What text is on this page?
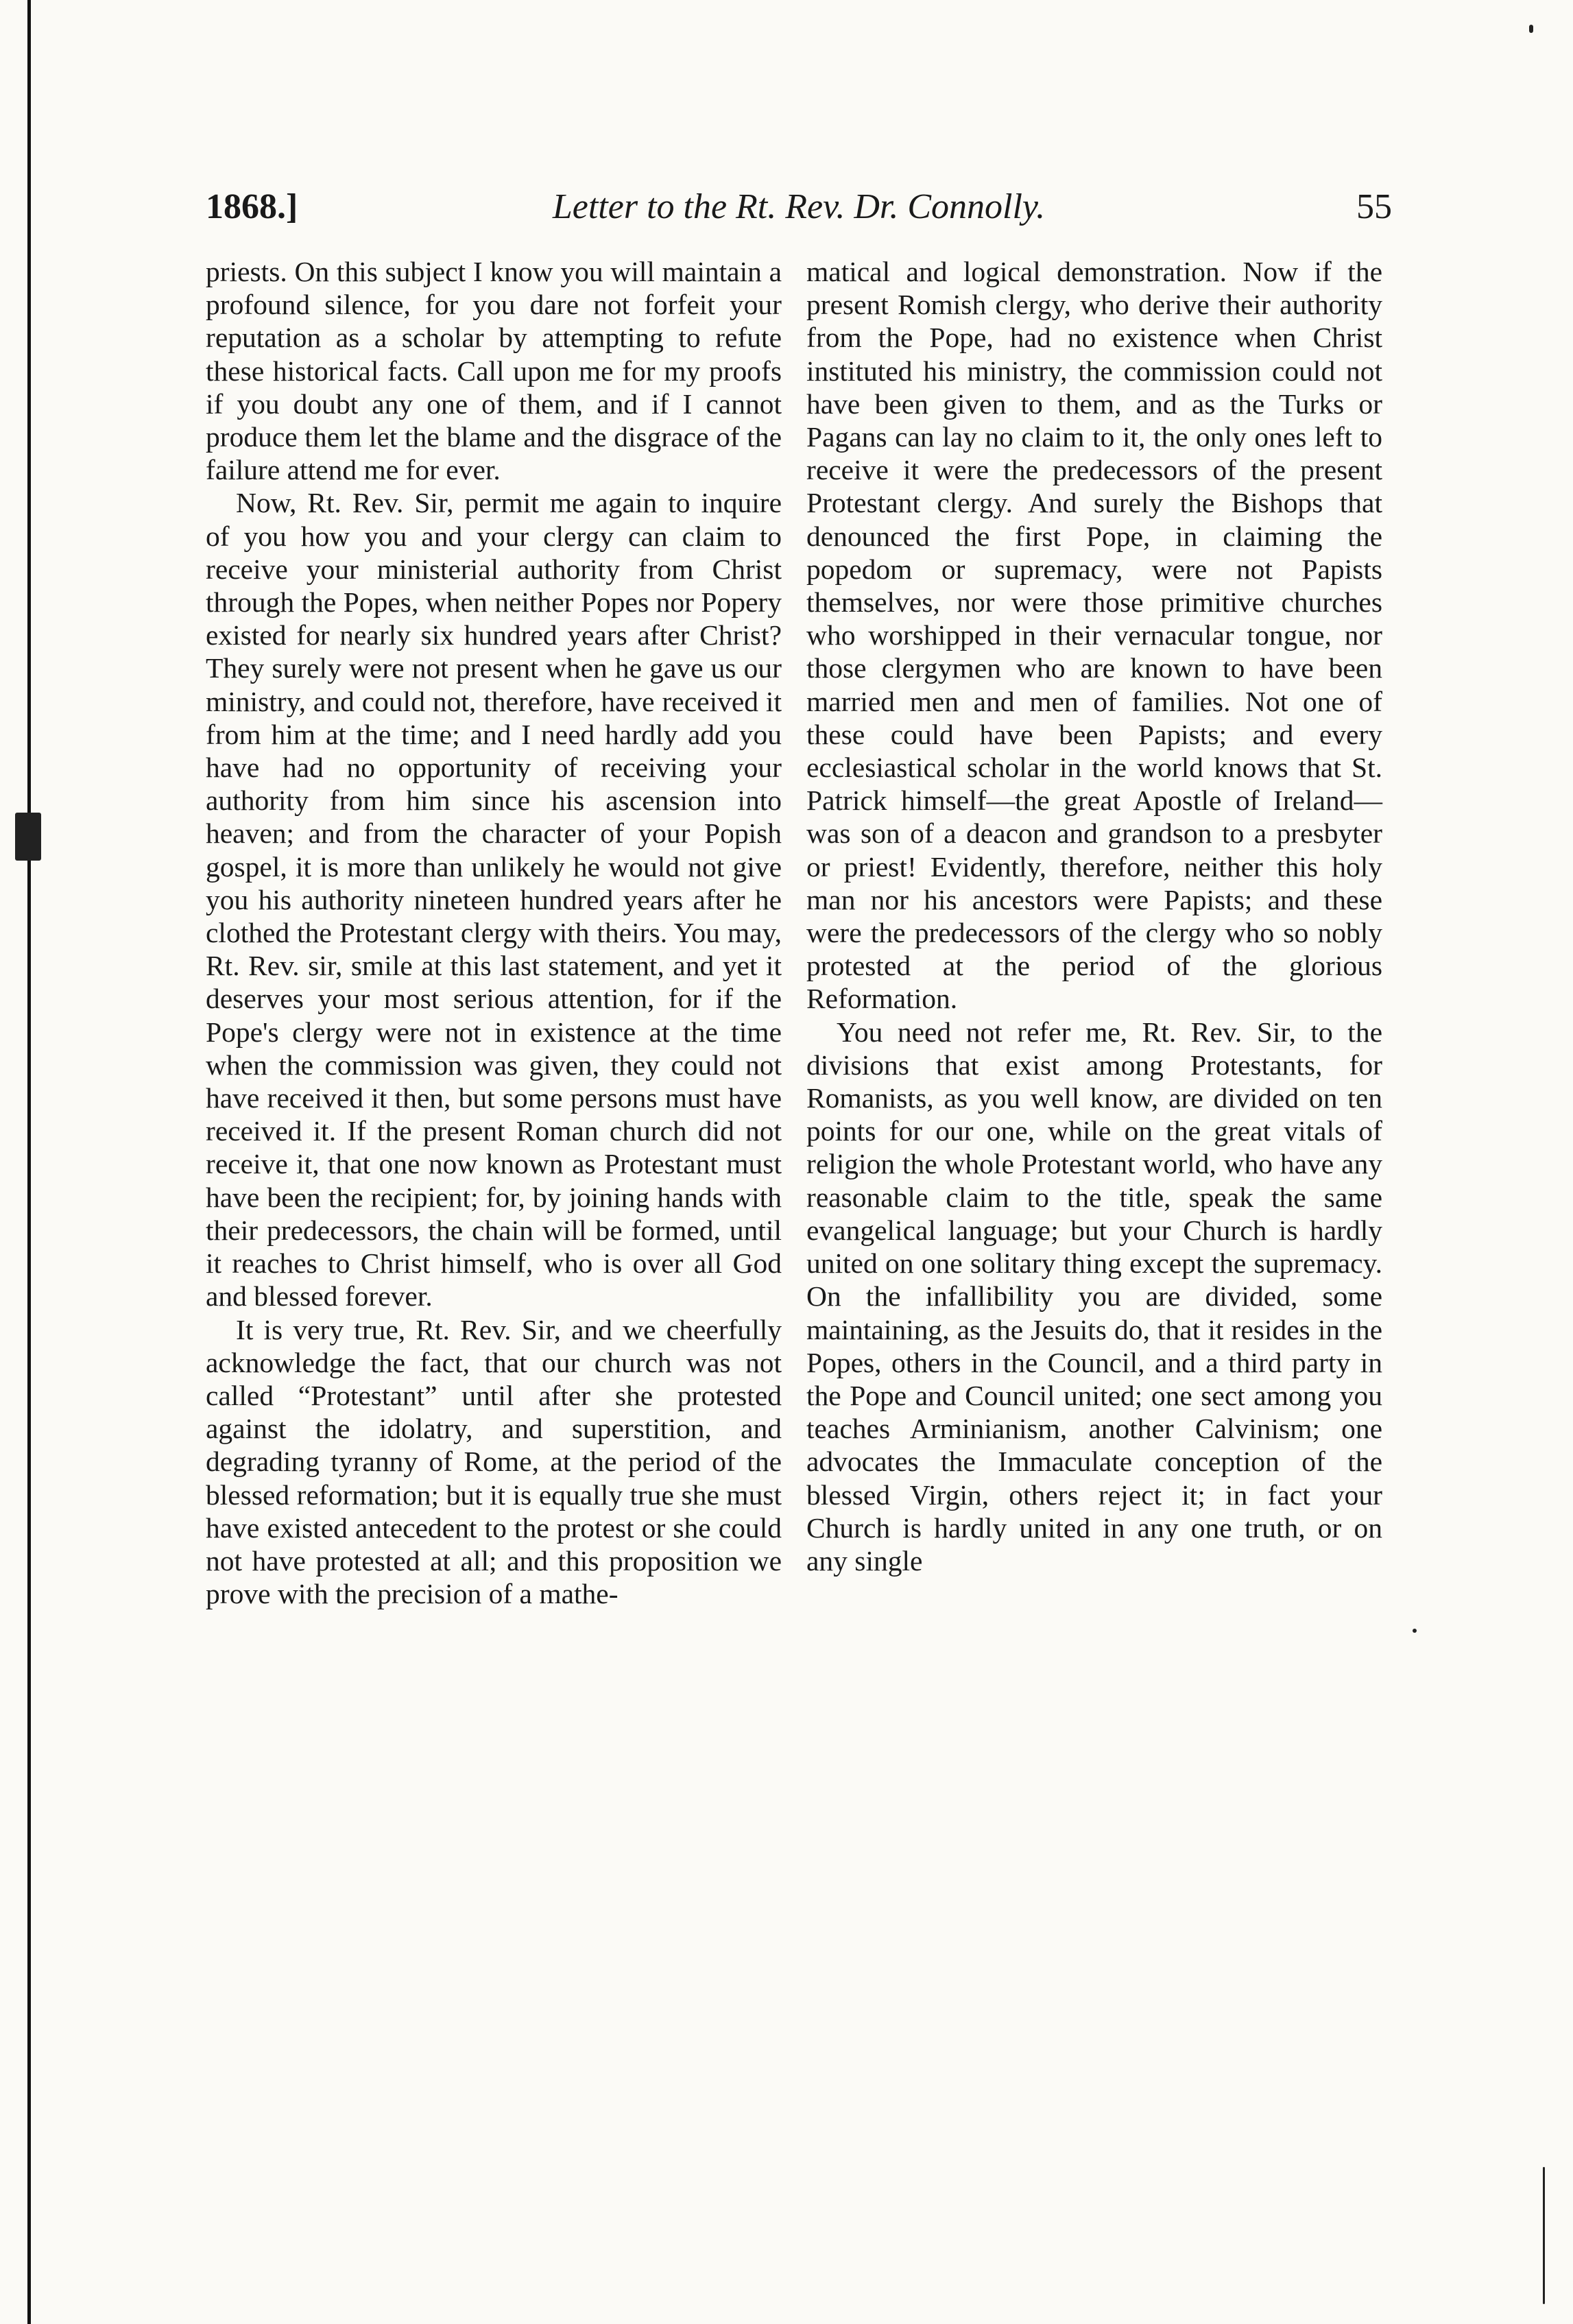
1868.]	Letter to the Rt. Rev. Dr. Connolly.	55

priests. On this subject I know you will maintain a profound silence, for you dare not forfeit your reputation as a scholar by attempting to refute these historical facts. Call upon me for my proofs if you doubt any one of them, and if I cannot produce them let the blame and the disgrace of the failure attend me for ever.

Now, Rt. Rev. Sir, permit me again to inquire of you how you and your clergy can claim to receive your ministerial authority from Christ through the Popes, when neither Popes nor Popery existed for nearly six hundred years after Christ? They surely were not present when he gave us our ministry, and could not, therefore, have received it from him at the time; and I need hardly add you have had no opportunity of receiving your authority from him since his ascension into heaven; and from the character of your Popish gospel, it is more than unlikely he would not give you his authority nineteen hundred years after he clothed the Protestant clergy with theirs. You may, Rt. Rev. sir, smile at this last statement, and yet it deserves your most serious attention, for if the Pope's clergy were not in existence at the time when the commission was given, they could not have received it then, but some persons must have received it. If the present Roman church did not receive it, that one now known as Protestant must have been the recipient; for, by joining hands with their predecessors, the chain will be formed, until it reaches to Christ himself, who is over all God and blessed forever.

It is very true, Rt. Rev. Sir, and we cheerfully acknowledge the fact, that our church was not called “Protestant” until after she protested against the idolatry, and superstition, and degrading tyranny of Rome, at the period of the blessed reformation; but it is equally true she must have existed antecedent to the protest or she could not have protested at all; and this proposition we prove with the precision of a mathe-

matical and logical demonstration. Now if the present Romish clergy, who derive their authority from the Pope, had no existence when Christ instituted his ministry, the commission could not have been given to them, and as the Turks or Pagans can lay no claim to it, the only ones left to receive it were the predecessors of the present Protestant clergy. And surely the Bishops that denounced the first Pope, in claiming the popedom or supremacy, were not Papists themselves, nor were those primitive churches who worshipped in their vernacular tongue, nor those clergymen who are known to have been married men and men of families. Not one of these could have been Papists; and every ecclesiastical scholar in the world knows that St. Patrick himself—the great Apostle of Ireland—was son of a deacon and grandson to a presbyter or priest! Evidently, therefore, neither this holy man nor his ancestors were Papists; and these were the predecessors of the clergy who so nobly protested at the period of the glorious Reformation.

You need not refer me, Rt. Rev. Sir, to the divisions that exist among Protestants, for Romanists, as you well know, are divided on ten points for our one, while on the great vitals of religion the whole Protestant world, who have any reasonable claim to the title, speak the same evangelical language; but your Church is hardly united on one solitary thing except the supremacy. On the infallibility you are divided, some maintaining, as the Jesuits do, that it resides in the Popes, others in the Council, and a third party in the Pope and Council united; one sect among you teaches Arminianism, another Calvinism; one advocates the Immaculate conception of the blessed Virgin, others reject it; in fact your Church is hardly united in any one truth, or on any single
